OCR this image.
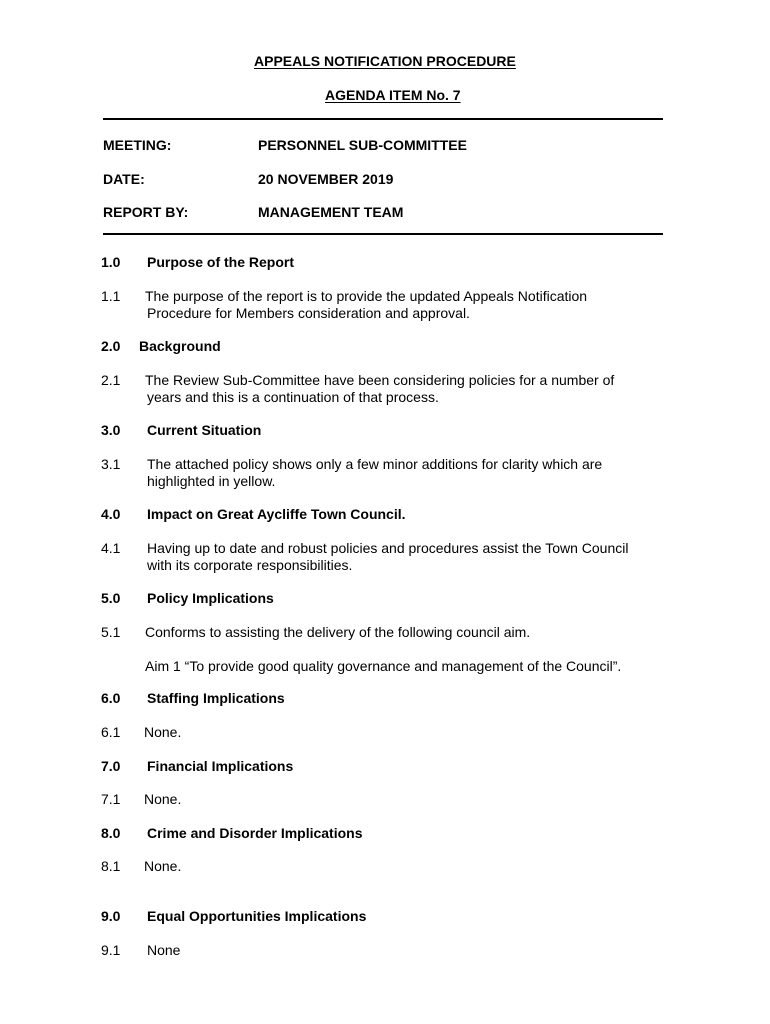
APPEALS NOTIFICATION PROCEDURE
AGENDA ITEM No. 7
MEETING:	PERSONNEL SUB-COMMITTEE
DATE:	20 NOVEMBER 2019
REPORT BY:	MANAGEMENT TEAM
1.0 Purpose of the Report
1.1 The purpose of the report is to provide the updated Appeals Notification
Procedure for Members consideration and approval.
2.0 Background
2.1 The Review Sub-Committee have been considering policies for a number of
years and this is a continuation of that process.
3.0 Current Situation
3.1 The attached policy shows only a few minor additions for clarity which are
highlighted in yellow.
4.0 Impact on Great Aycliffe Town Council.
4.1 Having up to date and robust policies and procedures assist the Town Council
with its corporate responsibilities.
5.0 Policy Implications
5.1 Conforms to assisting the delivery of the following council aim.
Aim 1 “To provide good quality governance and management of the Council”.
6.0 Staffing Implications
6.1 None.
7.0 Financial Implications
7.1 None.
8.0 Crime and Disorder Implications
8.1 None.
9.0 Equal Opportunities Implications
9.1 None
